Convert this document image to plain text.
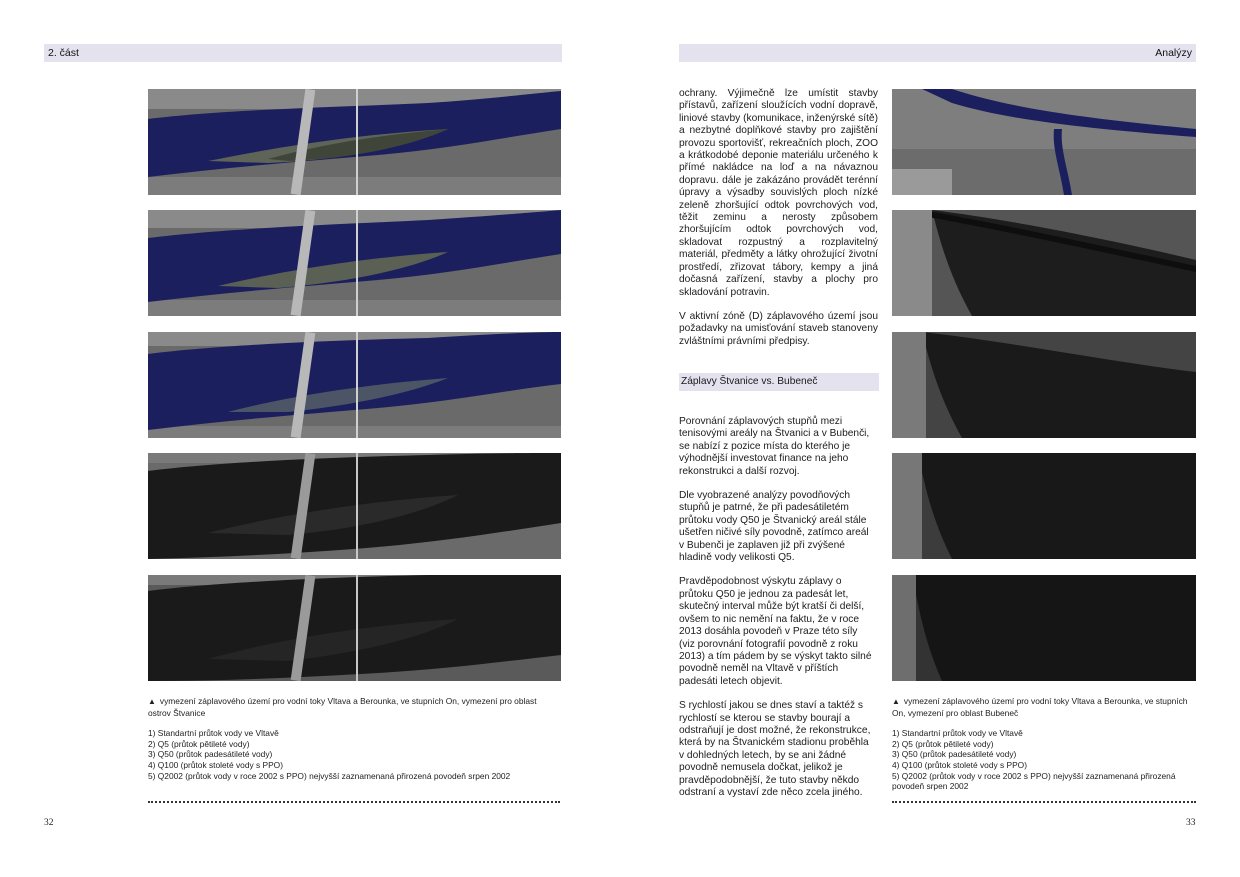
2. část	Analýzy
▲ vymezení záplavového území pro vodní toky Vltava a Berounka, ve stupních On, vymezení pro oblast ostrov Štvanice
1) Standartní průtok vody ve Vltavě
2) Q5 (průtok pětileté vody)
3) Q50 (průtok padesátileté vody)
4) Q100 (průtok stoleté vody s PPO)
5) Q2002 (průtok vody v roce 2002 s PPO) nejvyšší zaznamenaná přirozená povodeň srpen 2002
32

ochrany. Výjimečně lze umístit stavby přístavů, zařízení sloužících vodní dopravě, liniové stavby (komunikace, inženýrské sítě) a nezbytné doplňkové stavby pro zajištění provozu sportovišť, rekreačních ploch, ZOO a krátkodobé deponie materiálu určeného k přímé nakládce na loď a na návaznou dopravu. dále je zakázáno provádět terénní úpravy a výsadby souvislých ploch nízké zeleně zhoršující odtok povrchových vod, těžit zeminu a nerosty způsobem zhoršujícím odtok povrchových vod, skladovat rozpustný a rozplavitelný materiál, předměty a látky ohrožující životní prostředí, zřizovat tábory, kempy a jiná dočasná zařízení, stavby a plochy pro skladování potravin.

V aktivní zóně (D) záplavového území jsou požadavky na umisťování staveb stanoveny zvláštními právními předpisy.

Záplavy Štvanice vs. Bubeneč

Porovnání záplavových stupňů mezi tenisovými areály na Štvanici a v Bubenči, se nabízí z pozice místa do kterého je výhodnější investovat finance na jeho rekonstrukci a další rozvoj.

Dle vyobrazené analýzy povodňových stupňů je patrné, že při padesátiletém průtoku vody Q50 je Štvanický areál stále ušetřen ničivé síly povodně, zatímco areál v Bubenči je zaplaven již při zvýšené hladině vody velikosti Q5.

Pravděpodobnost výskytu záplavy o průtoku Q50 je jednou za padesát let, skutečný interval může být kratší či delší, ovšem to nic nemění na faktu, že v roce 2013 dosáhla povodeň v Praze této síly (viz porovnání fotografií povodně z roku 2013) a tím pádem by se výskyt takto silné povodně neměl na Vltavě v příštích padesáti letech objevit.

S rychlostí jakou se dnes staví a taktéž s rychlostí se kterou se stavby bourají a odstraňují je dost možné, že rekonstrukce, která by na Štvanickém stadionu proběhla v dohledných letech, by se ani žádné povodně nemusela dočkat, jelikož je pravděpodobnější, že tuto stavby někdo odstraní a vystaví zde něco zcela jiného.

▲ vymezení záplavového území pro vodní toky Vltava a Berounka, ve stupních On, vymezení pro oblast Bubeneč
1) Standartní průtok vody ve Vltavě
2) Q5 (průtok pětileté vody)
3) Q50 (průtok padesátileté vody)
4) Q100 (průtok stoleté vody s PPO)
5) Q2002 (průtok vody v roce 2002 s PPO) nejvyšší zaznamenaná přirozená povodeň srpen 2002
33
